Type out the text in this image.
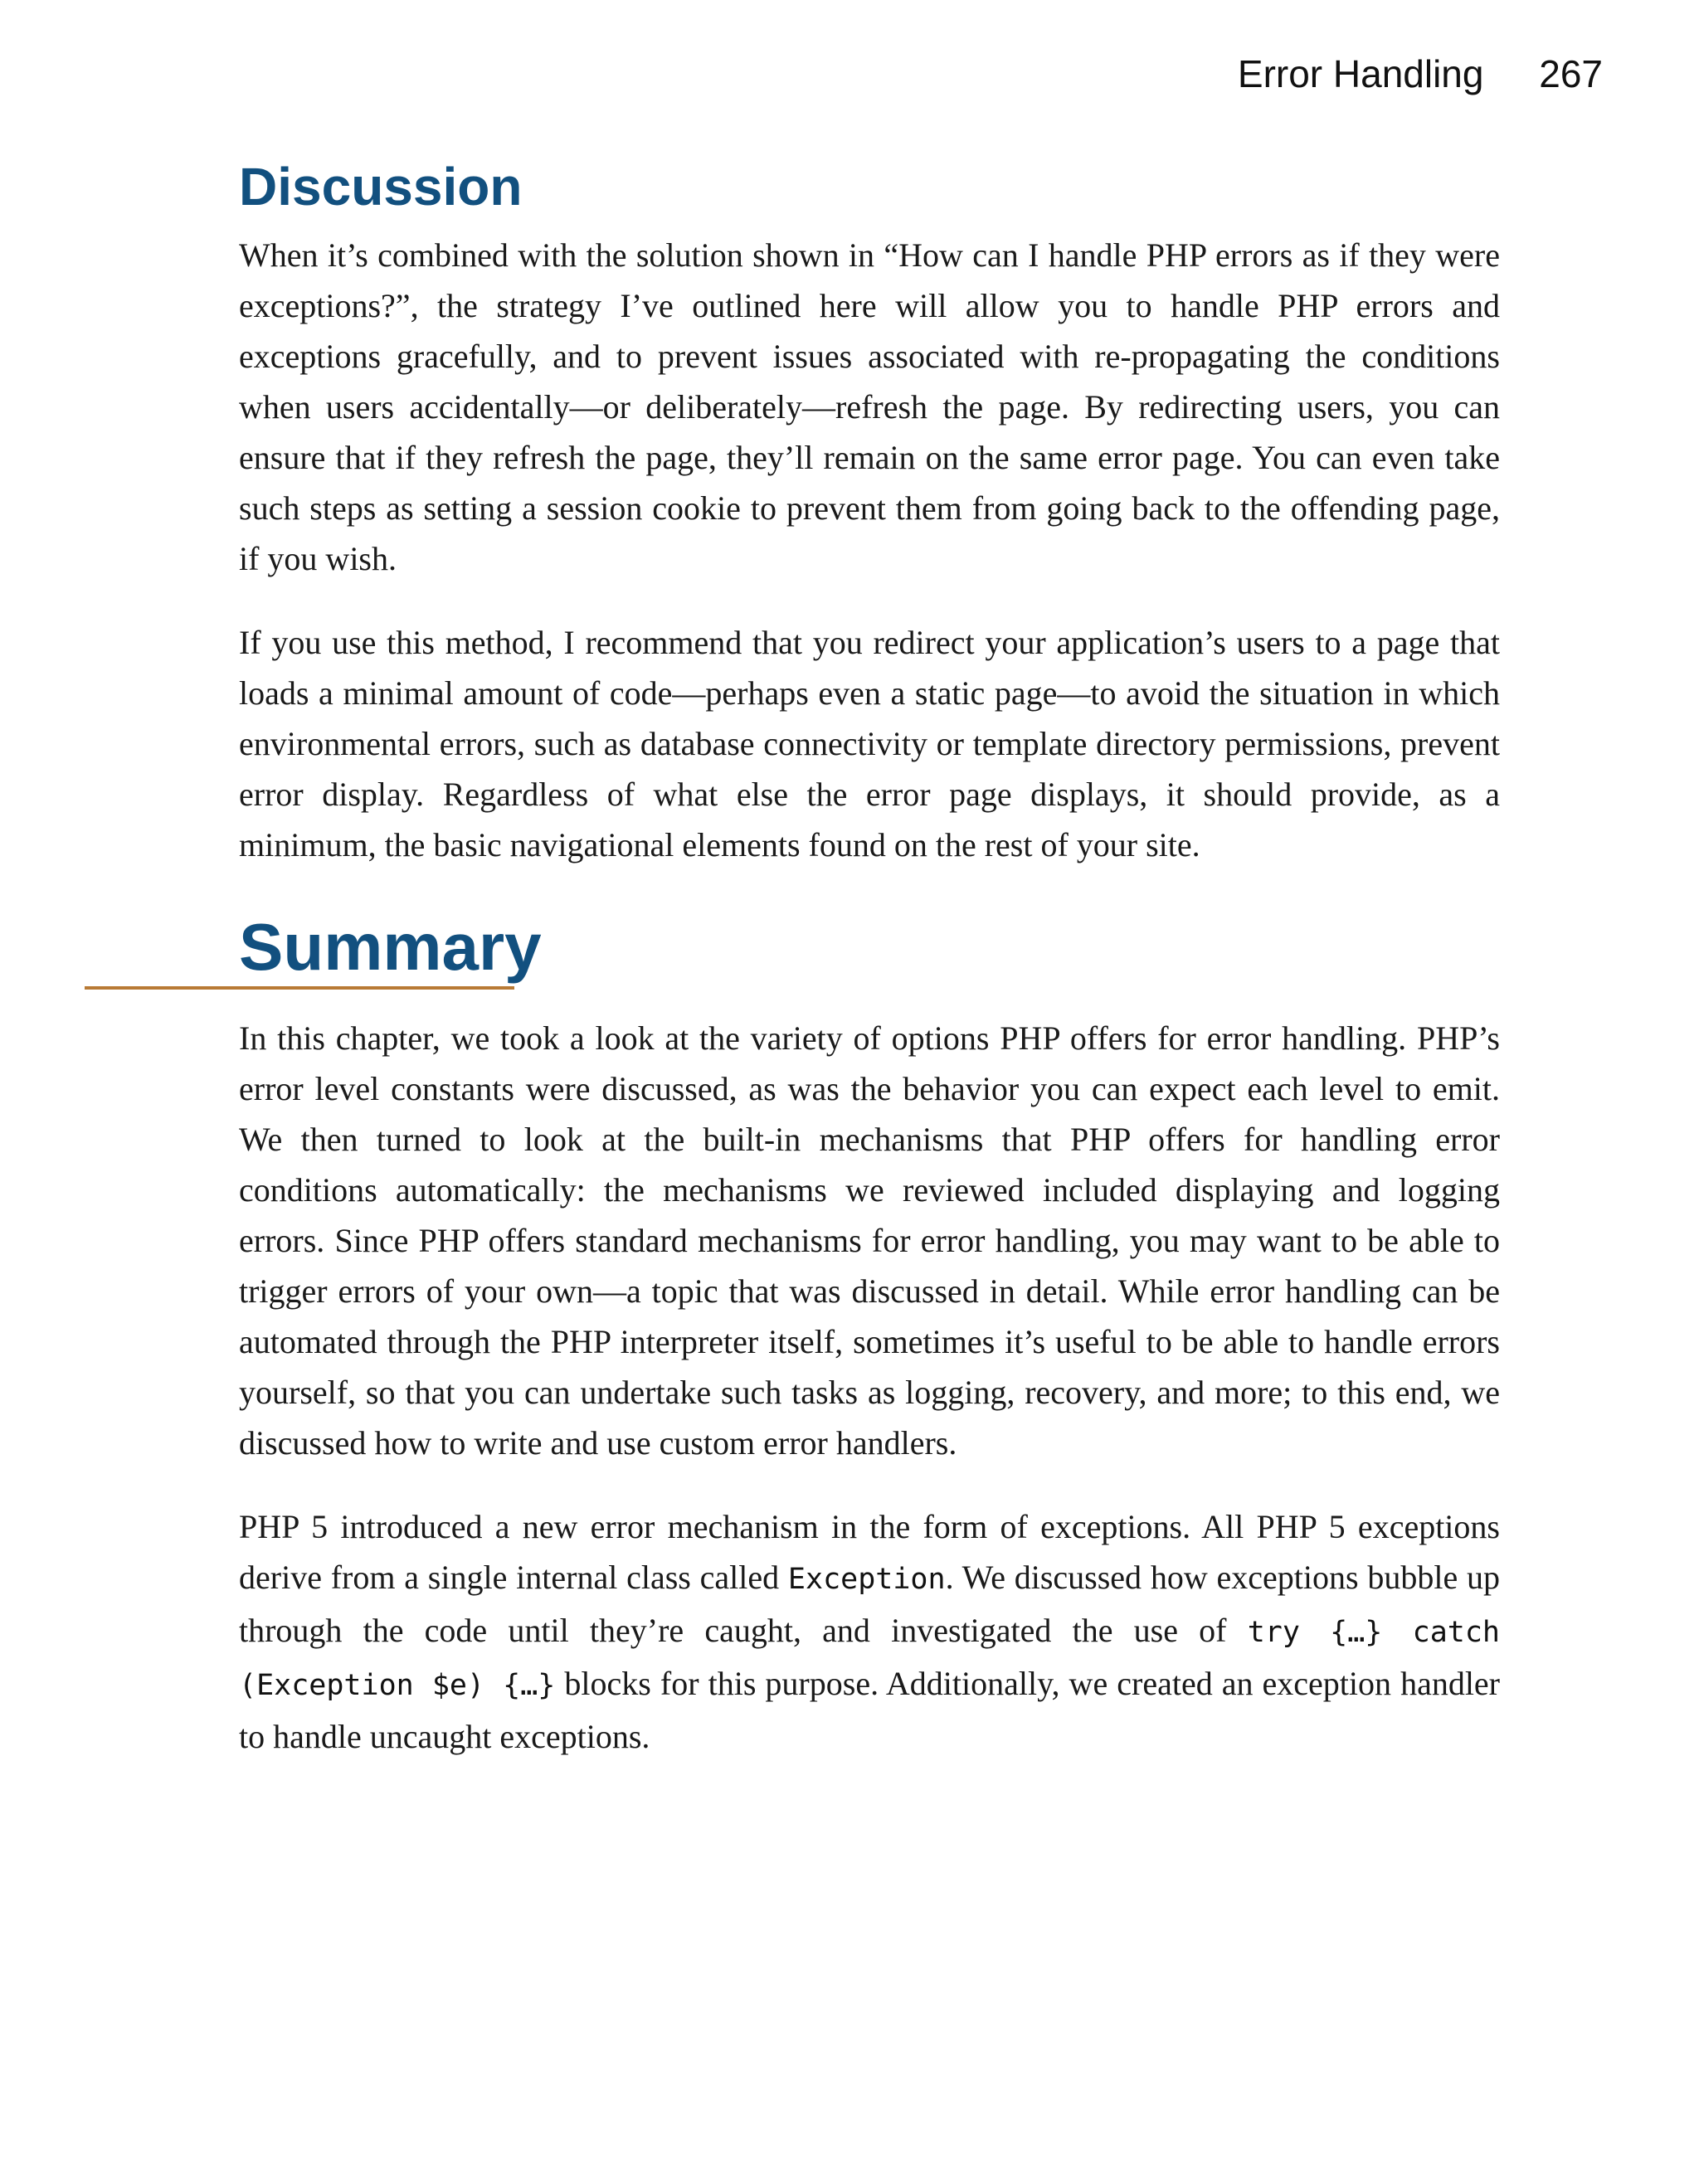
Error Handling 267
Discussion

When it’s combined with the solution shown in “How can I handle PHP errors as if they were exceptions?”, the strategy I’ve outlined here will allow you to handle PHP errors and exceptions gracefully, and to prevent issues associated with re-propagating the conditions when users accidentally—or deliberately—refresh the page. By redirecting users, you can ensure that if they refresh the page, they’ll remain on the same error page. You can even take such steps as setting a session cookie to prevent them from going back to the offending page, if you wish.

If you use this method, I recommend that you redirect your application’s users to a page that loads a minimal amount of code—perhaps even a static page—to avoid the situation in which environmental errors, such as database connectivity or template directory permissions, prevent error display. Regardless of what else the error page displays, it should provide, as a minimum, the basic navigational elements found on the rest of your site.

Summary

In this chapter, we took a look at the variety of options PHP offers for error handling. PHP’s error level constants were discussed, as was the behavior you can expect each level to emit. We then turned to look at the built-in mechanisms that PHP offers for handling error conditions automatically: the mechanisms we reviewed included displaying and logging errors. Since PHP offers standard mechanisms for error handling, you may want to be able to trigger errors of your own—a topic that was discussed in detail. While error handling can be automated through the PHP interpreter itself, sometimes it’s useful to be able to handle errors yourself, so that you can undertake such tasks as logging, recovery, and more; to this end, we discussed how to write and use custom error handlers.

PHP 5 introduced a new error mechanism in the form of exceptions. All PHP 5 exceptions derive from a single internal class called Exception. We discussed how exceptions bubble up through the code until they’re caught, and investigated the use of try {…} catch (Exception $e) {…} blocks for this purpose. Additionally, we created an exception handler to handle uncaught exceptions.
